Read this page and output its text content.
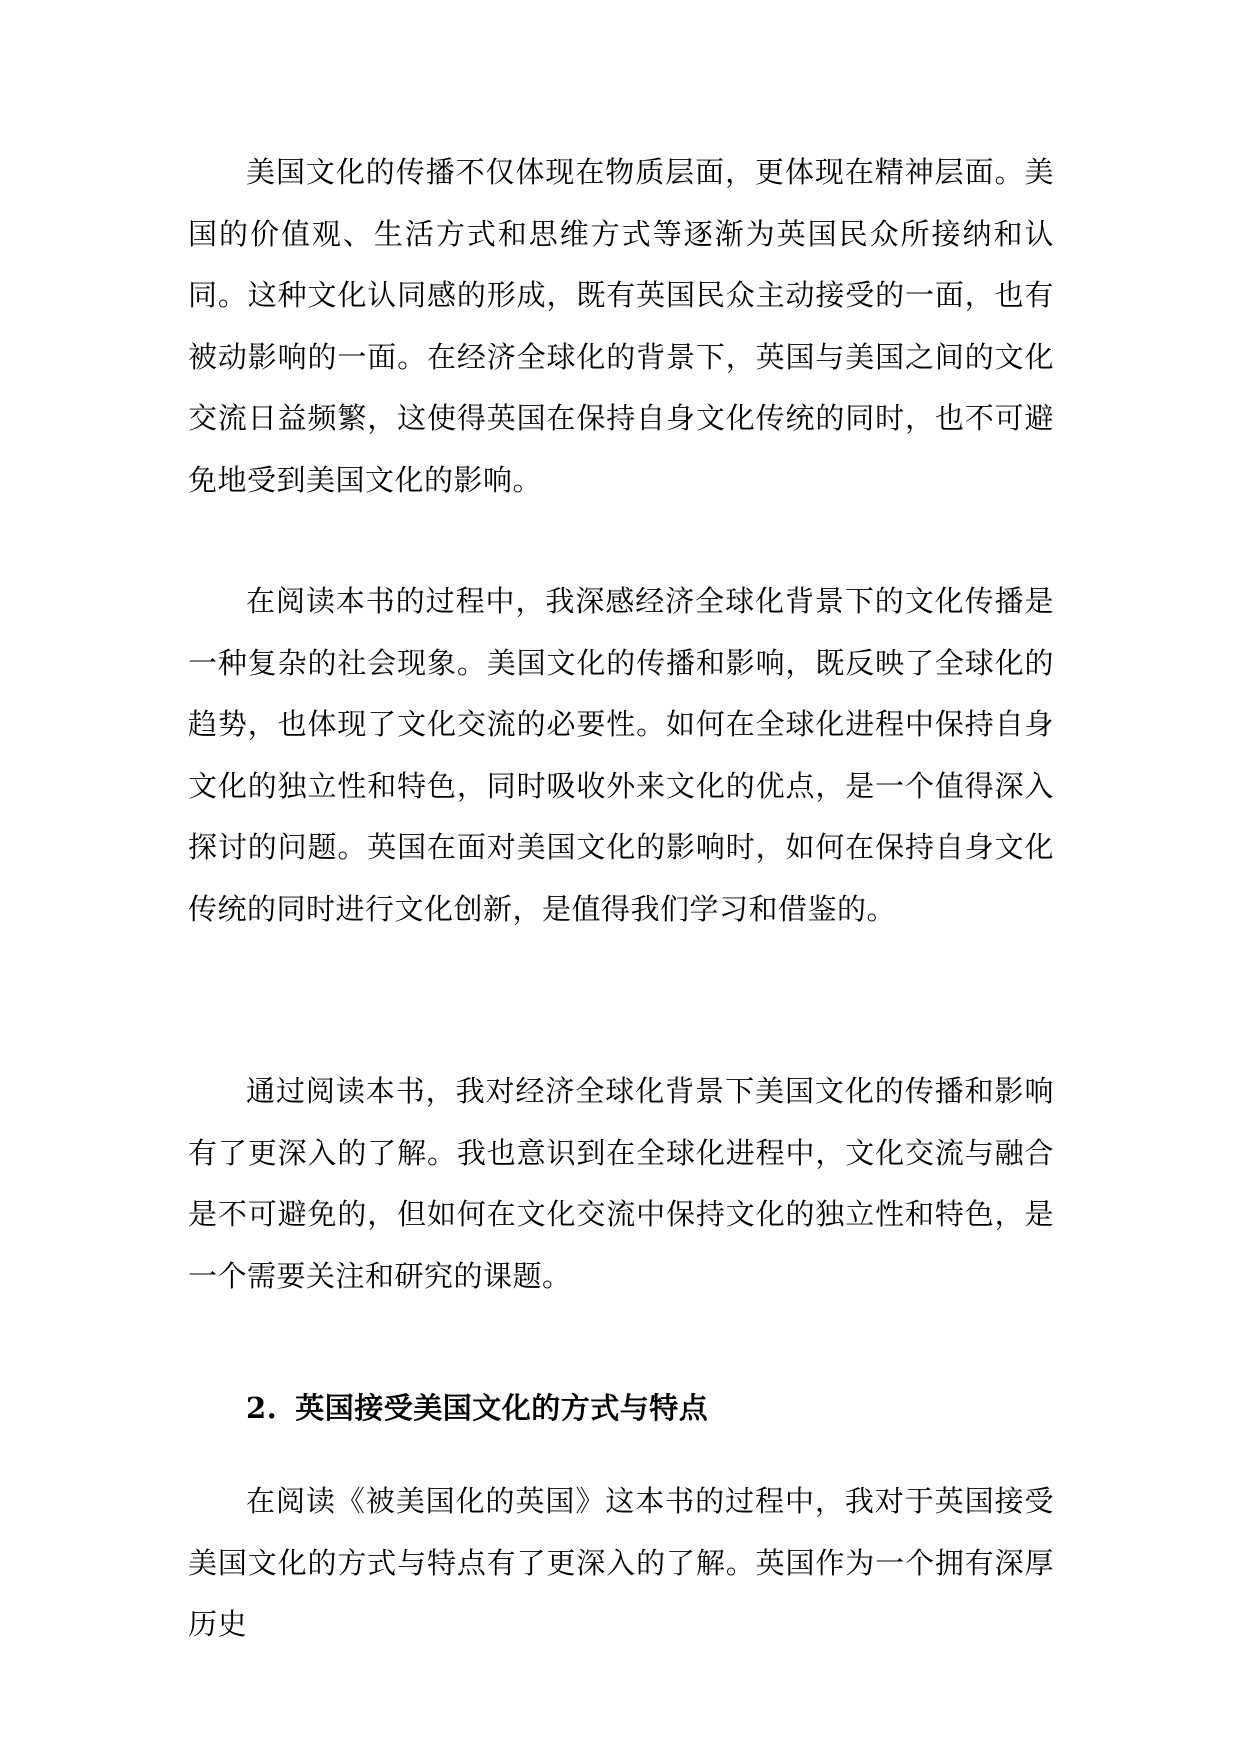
美国文化的传播不仅体现在物质层面，更体现在精神层面。美国的价值观、生活方式和思维方式等逐渐为英国民众所接纳和认同。这种文化认同感的形成，既有英国民众主动接受的一面，也有被动影响的一面。在经济全球化的背景下，英国与美国之间的文化交流日益频繁，这使得英国在保持自身文化传统的同时，也不可避免地受到美国文化的影响。

在阅读本书的过程中，我深感经济全球化背景下的文化传播是一种复杂的社会现象。美国文化的传播和影响，既反映了全球化的趋势，也体现了文化交流的必要性。如何在全球化进程中保持自身文化的独立性和特色，同时吸收外来文化的优点，是一个值得深入探讨的问题。英国在面对美国文化的影响时，如何在保持自身文化传统的同时进行文化创新，是值得我们学习和借鉴的。

通过阅读本书，我对经济全球化背景下美国文化的传播和影响有了更深入的了解。我也意识到在全球化进程中，文化交流与融合是不可避免的，但如何在文化交流中保持文化的独立性和特色，是一个需要关注和研究的课题。

2. 英国接受美国文化的方式与特点

在阅读《被美国化的英国》这本书的过程中，我对于英国接受美国文化的方式与特点有了更深入的了解。英国作为一个拥有深厚历史
